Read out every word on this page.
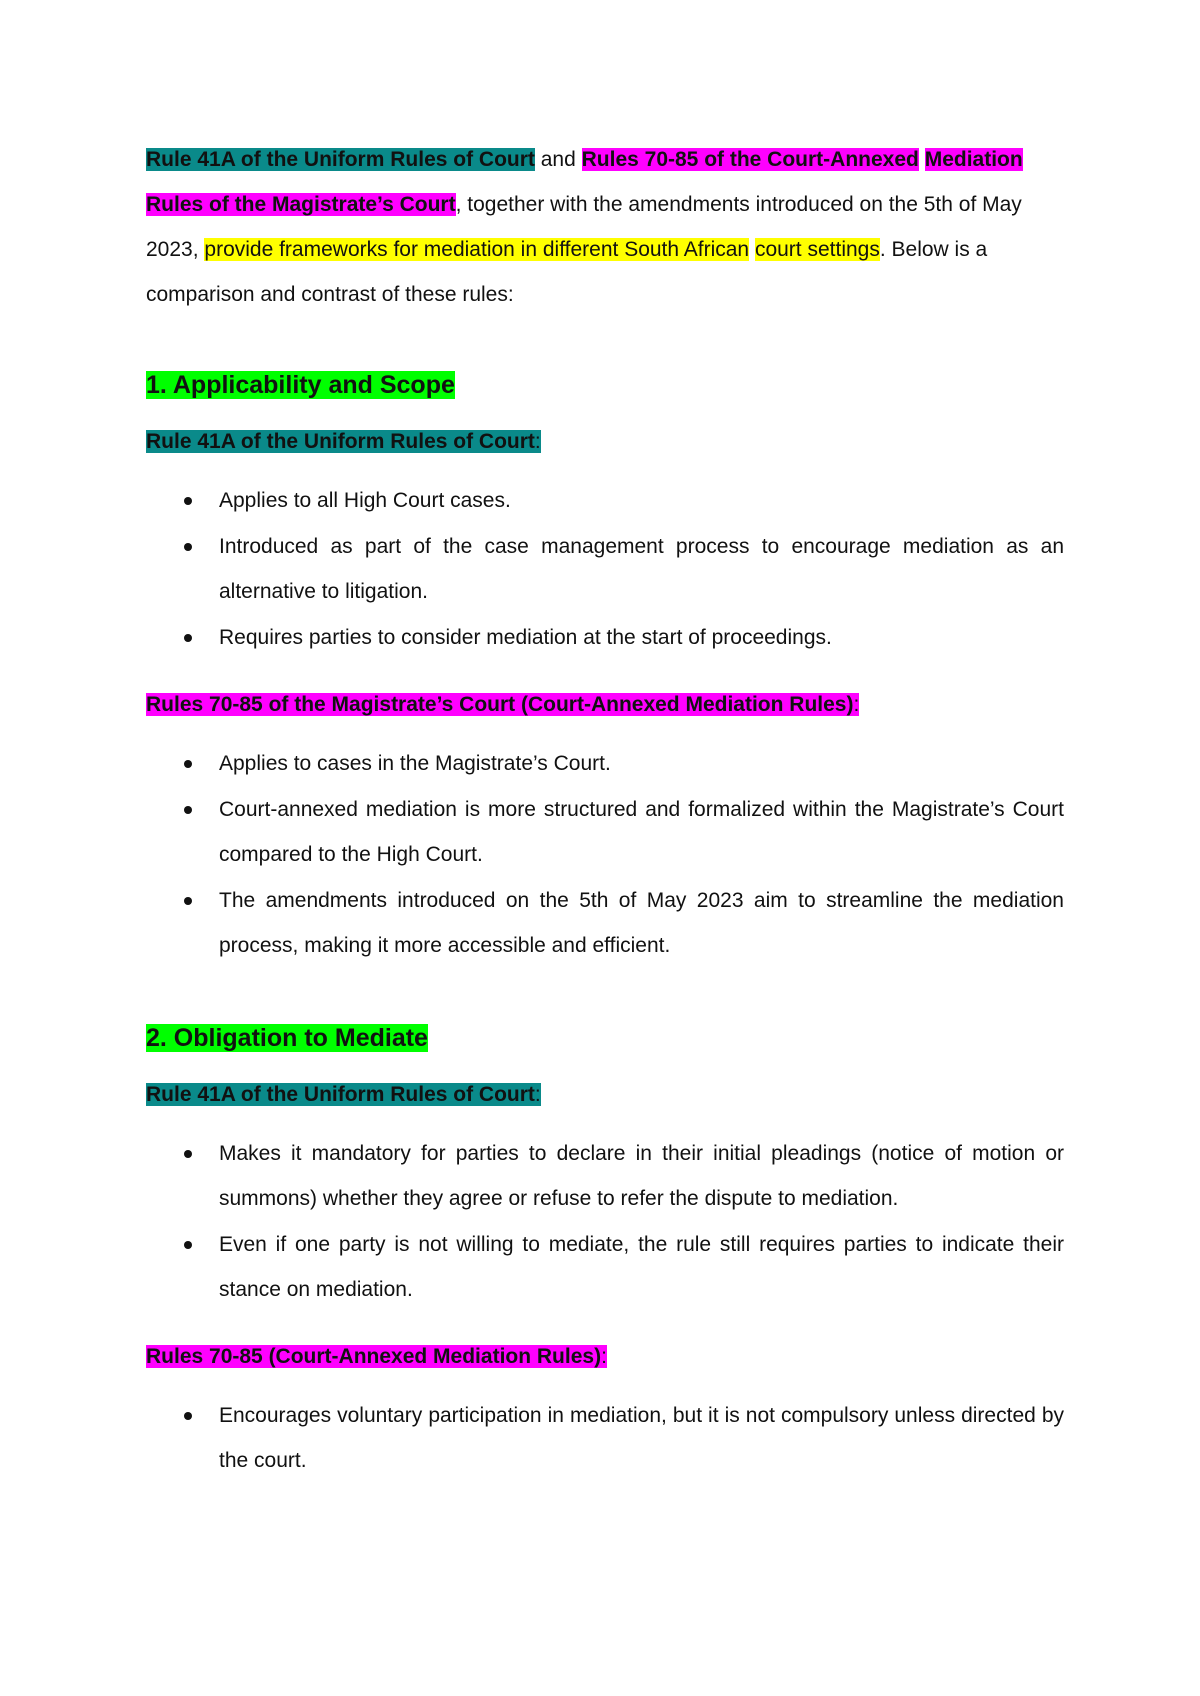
Rule 41A of the Uniform Rules of Court and Rules 70-85 of the Court-Annexed Mediation Rules of the Magistrate’s Court, together with the amendments introduced on the 5th of May 2023, provide frameworks for mediation in different South African court settings. Below is a comparison and contrast of these rules:

1. Applicability and Scope

Rule 41A of the Uniform Rules of Court:

Applies to all High Court cases.
Introduced as part of the case management process to encourage mediation as an alternative to litigation.
Requires parties to consider mediation at the start of proceedings.

Rules 70-85 of the Magistrate’s Court (Court-Annexed Mediation Rules):

Applies to cases in the Magistrate’s Court.
Court-annexed mediation is more structured and formalized within the Magistrate’s Court compared to the High Court.
The amendments introduced on the 5th of May 2023 aim to streamline the mediation process, making it more accessible and efficient.
2. Obligation to Mediate

Rule 41A of the Uniform Rules of Court:

Makes it mandatory for parties to declare in their initial pleadings (notice of motion or summons) whether they agree or refuse to refer the dispute to mediation.
Even if one party is not willing to mediate, the rule still requires parties to indicate their stance on mediation.

Rules 70-85 (Court-Annexed Mediation Rules):

Encourages voluntary participation in mediation, but it is not compulsory unless directed by the court.
